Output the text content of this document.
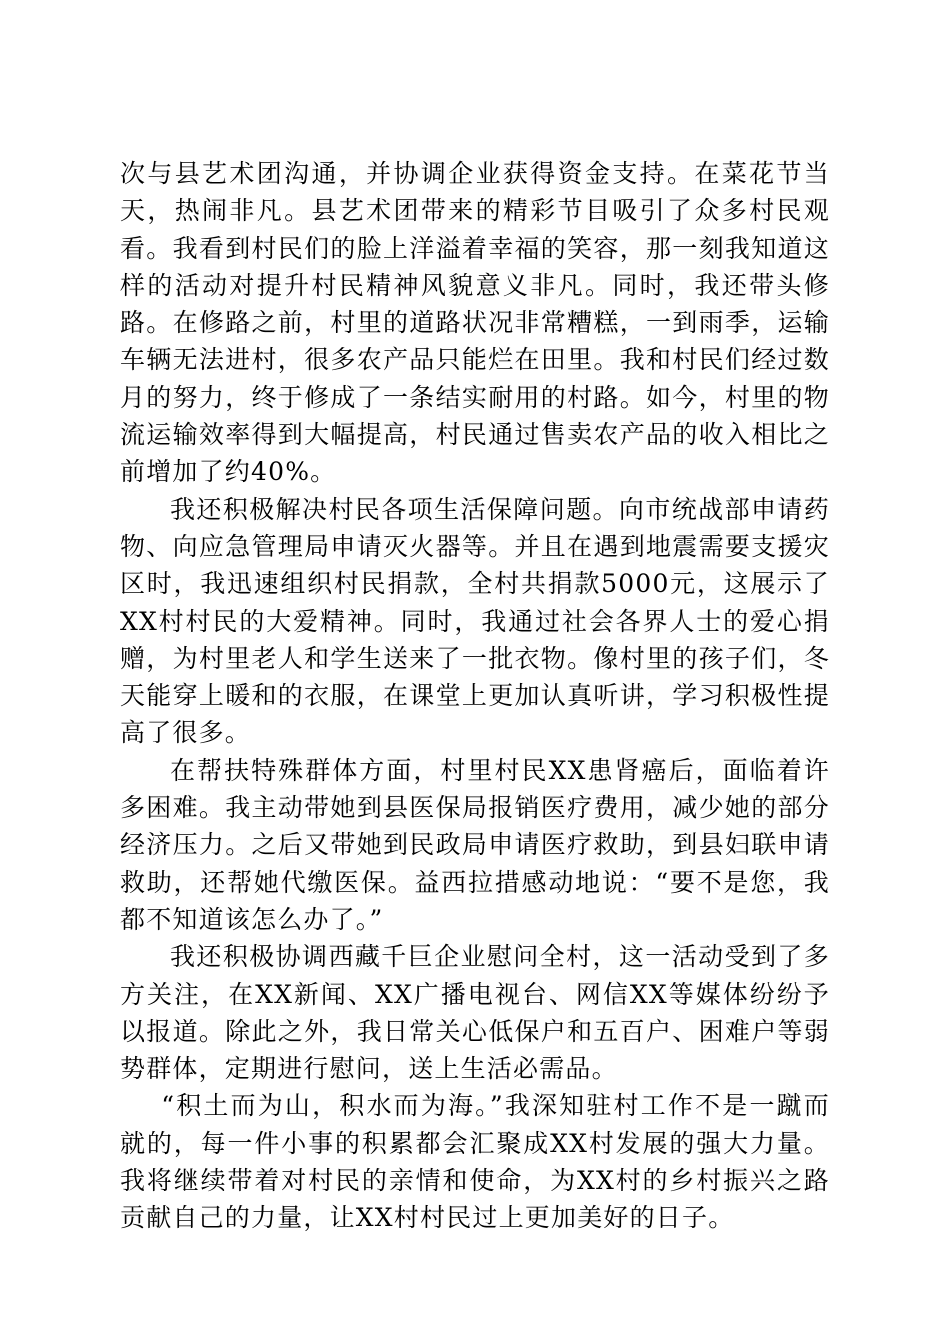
次与县艺术团沟通，并协调企业获得资金支持。在菜花节当天，热闹非凡。县艺术团带来的精彩节目吸引了众多村民观看。我看到村民们的脸上洋溢着幸福的笑容，那一刻我知道这样的活动对提升村民精神风貌意义非凡。同时，我还带头修路。在修路之前，村里的道路状况非常糟糕，一到雨季，运输车辆无法进村，很多农产品只能烂在田里。我和村民们经过数月的努力，终于修成了一条结实耐用的村路。如今，村里的物流运输效率得到大幅提高，村民通过售卖农产品的收入相比之前增加了约40%。

我还积极解决村民各项生活保障问题。向市统战部申请药物、向应急管理局申请灭火器等。并且在遇到地震需要支援灾区时，我迅速组织村民捐款，全村共捐款5000元，这展示了XX村村民的大爱精神。同时，我通过社会各界人士的爱心捐赠，为村里老人和学生送来了一批衣物。像村里的孩子们，冬天能穿上暖和的衣服，在课堂上更加认真听讲，学习积极性提高了很多。

在帮扶特殊群体方面，村里村民XX患肾癌后，面临着许多困难。我主动带她到县医保局报销医疗费用，减少她的部分经济压力。之后又带她到民政局申请医疗救助，到县妇联申请救助，还帮她代缴医保。益西拉措感动地说：“要不是您，我都不知道该怎么办了。”

我还积极协调西藏千巨企业慰问全村，这一活动受到了多方关注，在XX新闻、XX广播电视台、网信XX等媒体纷纷予以报道。除此之外，我日常关心低保户和五百户、困难户等弱势群体，定期进行慰问，送上生活必需品。

“积土而为山，积水而为海。”我深知驻村工作不是一蹴而就的，每一件小事的积累都会汇聚成XX村发展的强大力量。我将继续带着对村民的亲情和使命，为XX村的乡村振兴之路贡献自己的力量，让XX村村民过上更加美好的日子。
